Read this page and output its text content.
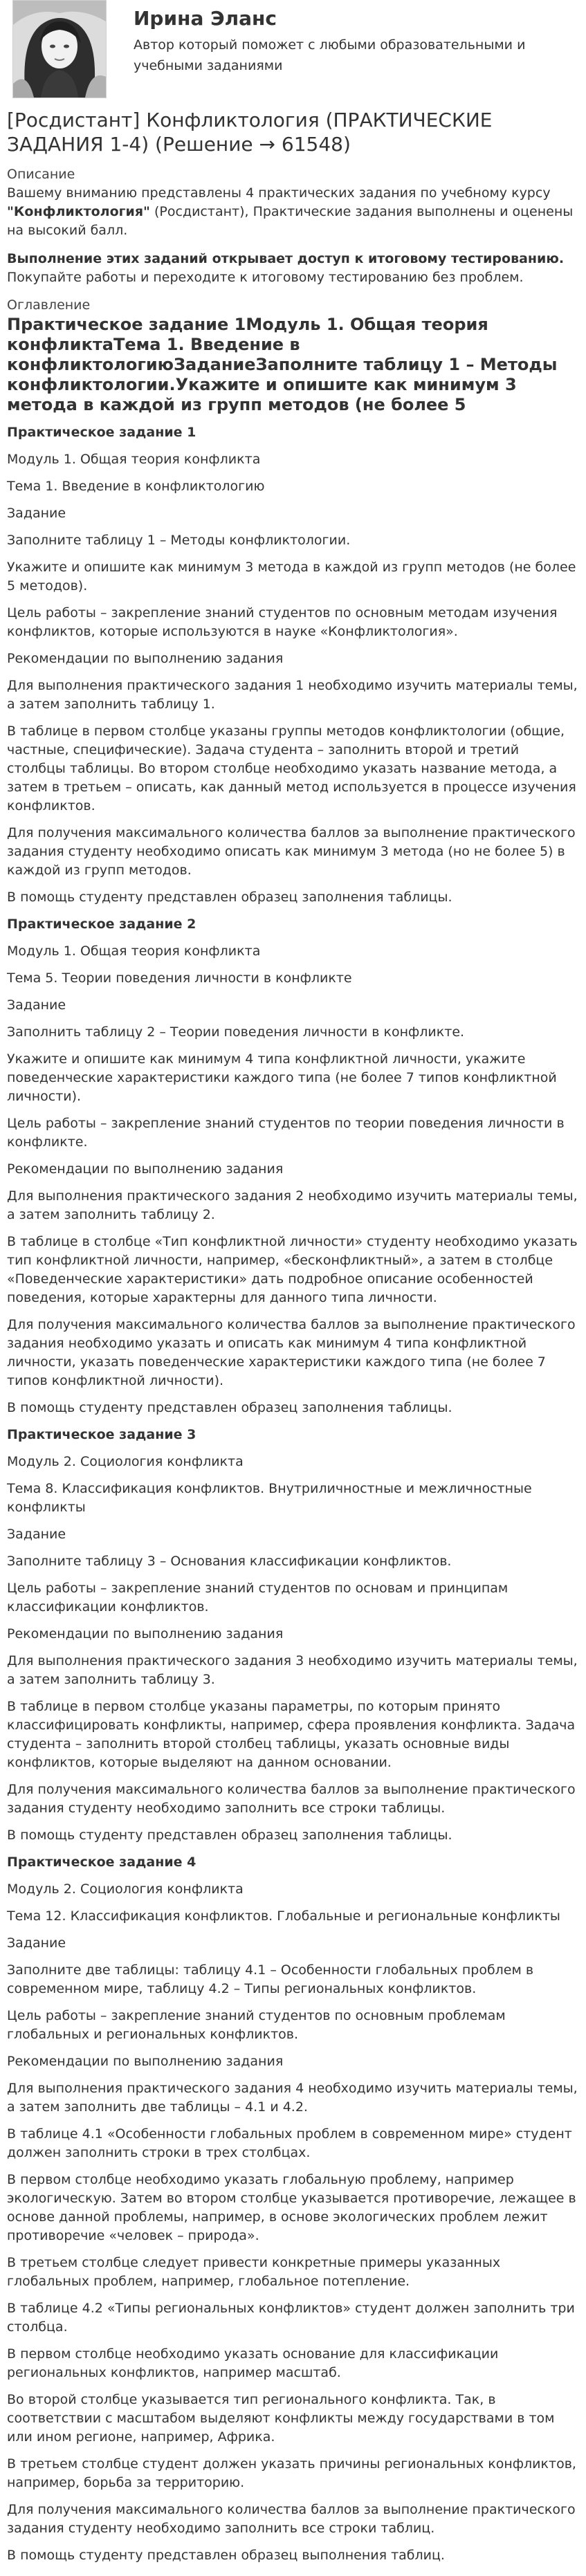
Ирина Эланс
Автор который поможет с любыми образовательными и учебными заданиями
[Росдистант] Конфликтология (ПРАКТИЧЕСКИЕ ЗАДАНИЯ 1-4) (Решение → 61548)
Описание

Вашему вниманию представлены 4 практических задания по учебному курсу "Конфликтология" (Росдистант), Практические задания выполнены и оценены на высокий балл.

Выполнение этих заданий открывает доступ к итоговому тестированию. Покупайте работы и переходите к итоговому тестированию без проблем.

Оглавление
Практическое задание 1Модуль 1. Общая теория конфликтаТема 1. Введение в конфликтологиюЗаданиеЗаполните таблицу 1 – Методы конфликтологии.Укажите и опишите как минимум 3 метода в каждой из групп методов (не более 5

Практическое задание 1

Модуль 1. Общая теория конфликта

Тема 1. Введение в конфликтологию

Задание

Заполните таблицу 1 – Методы конфликтологии.

Укажите и опишите как минимум 3 метода в каждой из групп методов (не более 5 методов).

Цель работы – закрепление знаний студентов по основным методам изучения конфликтов, которые используются в науке «Конфликтология».

Рекомендации по выполнению задания

Для выполнения практического задания 1 необходимо изучить материалы темы, а затем заполнить таблицу 1.

В таблице в первом столбце указаны группы методов конфликтологии (общие, частные, специфические). Задача студента – заполнить второй и третий столбцы таблицы. Во втором столбце необходимо указать название метода, а затем в третьем – описать, как данный метод используется в процессе изучения конфликтов.

Для получения максимального количества баллов за выполнение практического задания студенту необходимо описать как минимум 3 метода (но не более 5) в каждой из групп методов.

В помощь студенту представлен образец заполнения таблицы.

Практическое задание 2

Модуль 1. Общая теория конфликта

Тема 5. Теории поведения личности в конфликте

Задание

Заполнить таблицу 2 – Теории поведения личности в конфликте.

Укажите и опишите как минимум 4 типа конфликтной личности, укажите поведенческие характеристики каждого типа (не более 7 типов конфликтной личности).

Цель работы – закрепление знаний студентов по теории поведения личности в конфликте.

Рекомендации по выполнению задания

Для выполнения практического задания 2 необходимо изучить материалы темы, а затем заполнить таблицу 2.

В таблице в столбце «Тип конфликтной личности» студенту необходимо указать тип конфликтной личности, например, «бесконфликтный», а затем в столбце «Поведенческие характеристики» дать подробное описание особенностей поведения, которые характерны для данного типа личности.

Для получения максимального количества баллов за выполнение практического задания необходимо указать и описать как минимум 4 типа конфликтной личности, указать поведенческие характеристики каждого типа (не более 7 типов конфликтной личности).

В помощь студенту представлен образец заполнения таблицы.

Практическое задание 3

Модуль 2. Социология конфликта

Тема 8. Классификация конфликтов. Внутриличностные и межличностные конфликты

Задание

Заполните таблицу 3 – Основания классификации конфликтов.

Цель работы – закрепление знаний студентов по основам и принципам классификации конфликтов.

Рекомендации по выполнению задания

Для выполнения практического задания 3 необходимо изучить материалы темы, а затем заполнить таблицу 3.

В таблице в первом столбце указаны параметры, по которым принято классифицировать конфликты, например, сфера проявления конфликта. Задача студента – заполнить второй столбец таблицы, указать основные виды конфликтов, которые выделяют на данном основании.

Для получения максимального количества баллов за выполнение практического задания студенту необходимо заполнить все строки таблицы.

В помощь студенту представлен образец заполнения таблицы.

Практическое задание 4

Модуль 2. Социология конфликта

Тема 12. Классификация конфликтов. Глобальные и региональные конфликты

Задание

Заполните две таблицы: таблицу 4.1 – Особенности глобальных проблем в современном мире, таблицу 4.2 – Типы региональных конфликтов.

Цель работы – закрепление знаний студентов по основным проблемам глобальных и региональных конфликтов.

Рекомендации по выполнению задания

Для выполнения практического задания 4 необходимо изучить материалы темы, а затем заполнить две таблицы – 4.1 и 4.2.

В таблице 4.1 «Особенности глобальных проблем в современном мире» студент должен заполнить строки в трех столбцах.

В первом столбце необходимо указать глобальную проблему, например экологическую. Затем во втором столбце указывается противоречие, лежащее в основе данной проблемы, например, в основе экологических проблем лежит противоречие «человек – природа».

В третьем столбце следует привести конкретные примеры указанных глобальных проблем, например, глобальное потепление.

В таблице 4.2 «Типы региональных конфликтов» студент должен заполнить три столбца.

В первом столбце необходимо указать основание для классификации региональных конфликтов, например масштаб.

Во второй столбце указывается тип регионального конфликта. Так, в соответствии с масштабом выделяют конфликты между государствами в том или ином регионе, например, Африка.

В третьем столбце студент должен указать причины региональных конфликтов, например, борьба за территорию.

Для получения максимального количества баллов за выполнение практического задания студенту необходимо заполнить все строки таблиц.

В помощь студенту представлен образец выполнения таблиц.
